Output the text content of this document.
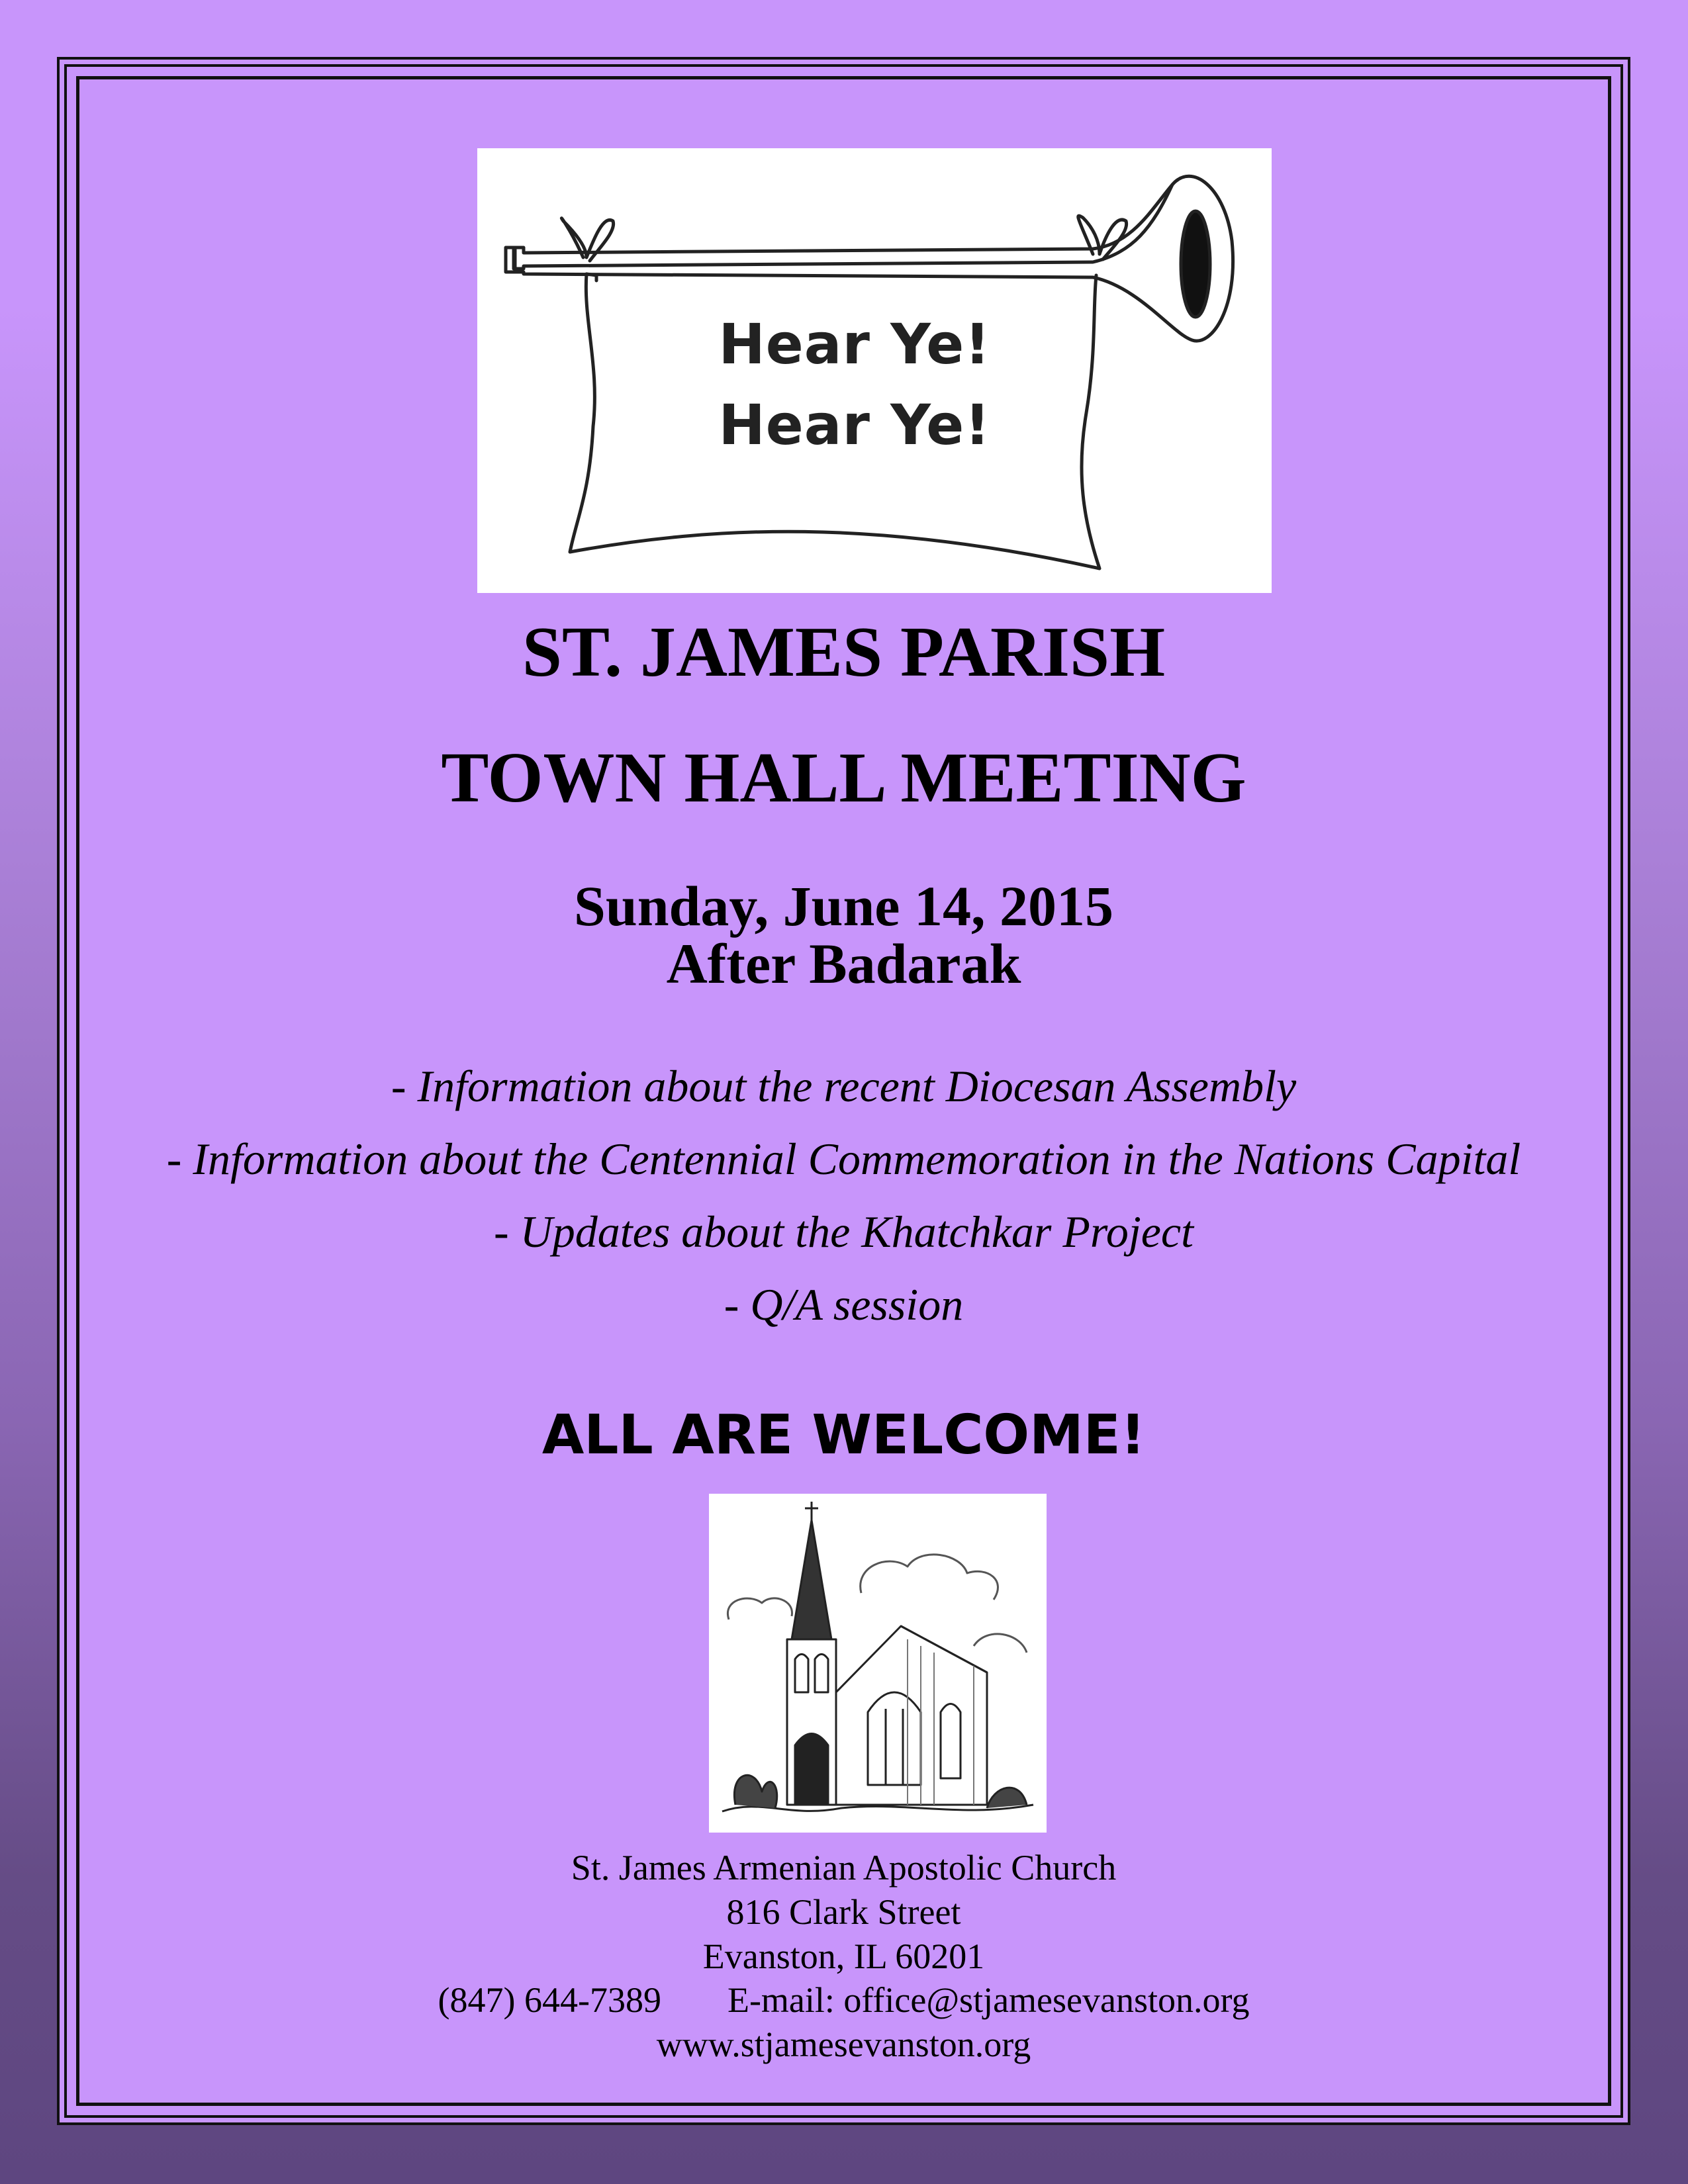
Hear Ye!
Hear Ye!
ST. JAMES PARISH
TOWN HALL MEETING
Sunday, June 14, 2015
After Badarak
- Information about the recent Diocesan Assembly
- Information about the Centennial Commemoration in the Nations Capital
- Updates about the Khatchkar Project
- Q/A session
ALL ARE WELCOME!
St. James Armenian Apostolic Church
816 Clark Street
Evanston, IL 60201
(847) 644-7389 E-mail: office@stjamesevanston.org
www.stjamesevanston.org
